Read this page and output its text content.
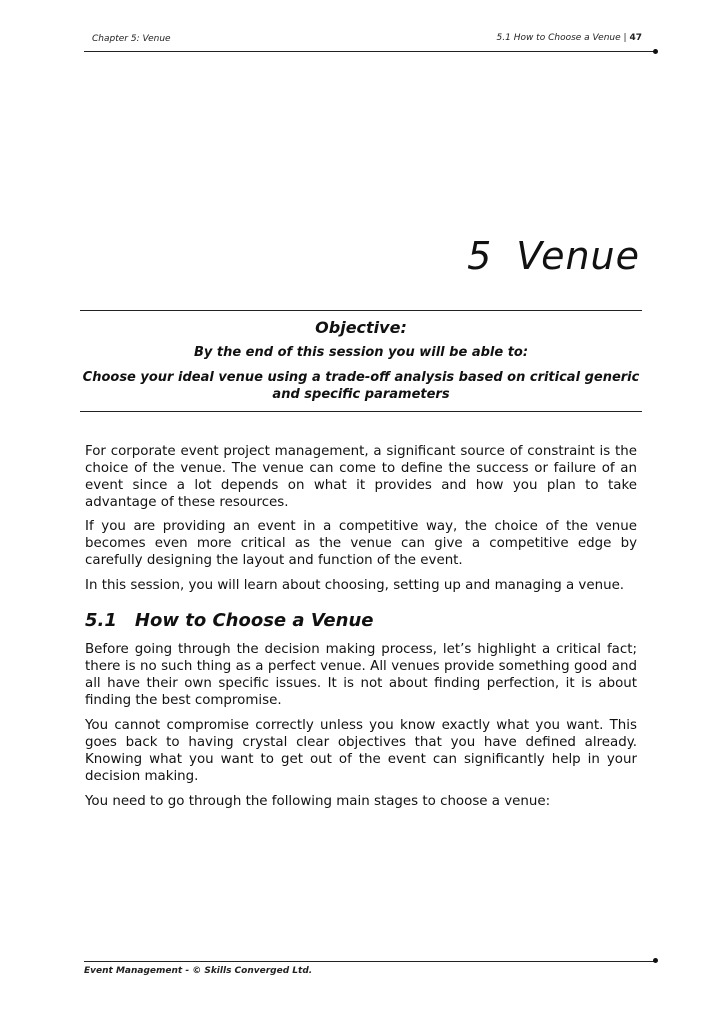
Chapter 5: Venue	5.1 How to Choose a Venue | 47
5 Venue
Objective:
By the end of this session you will be able to:
Choose your ideal venue using a trade-off analysis based on critical generic and specific parameters

For corporate event project management, a significant source of constraint is the choice of the venue. The venue can come to define the success or failure of an event since a lot depends on what it provides and how you plan to take advantage of these resources.

If you are providing an event in a competitive way, the choice of the venue becomes even more critical as the venue can give a competitive edge by carefully designing the layout and function of the event.

In this session, you will learn about choosing, setting up and managing a venue.

5.1 How to Choose a Venue

Before going through the decision making process, let’s highlight a critical fact; there is no such thing as a perfect venue. All venues provide something good and all have their own specific issues. It is not about finding perfection, it is about finding the best compromise.

You cannot compromise correctly unless you know exactly what you want. This goes back to having crystal clear objectives that you have defined already. Knowing what you want to get out of the event can significantly help in your decision making.

You need to go through the following main stages to choose a venue:

Event Management - © Skills Converged Ltd.
